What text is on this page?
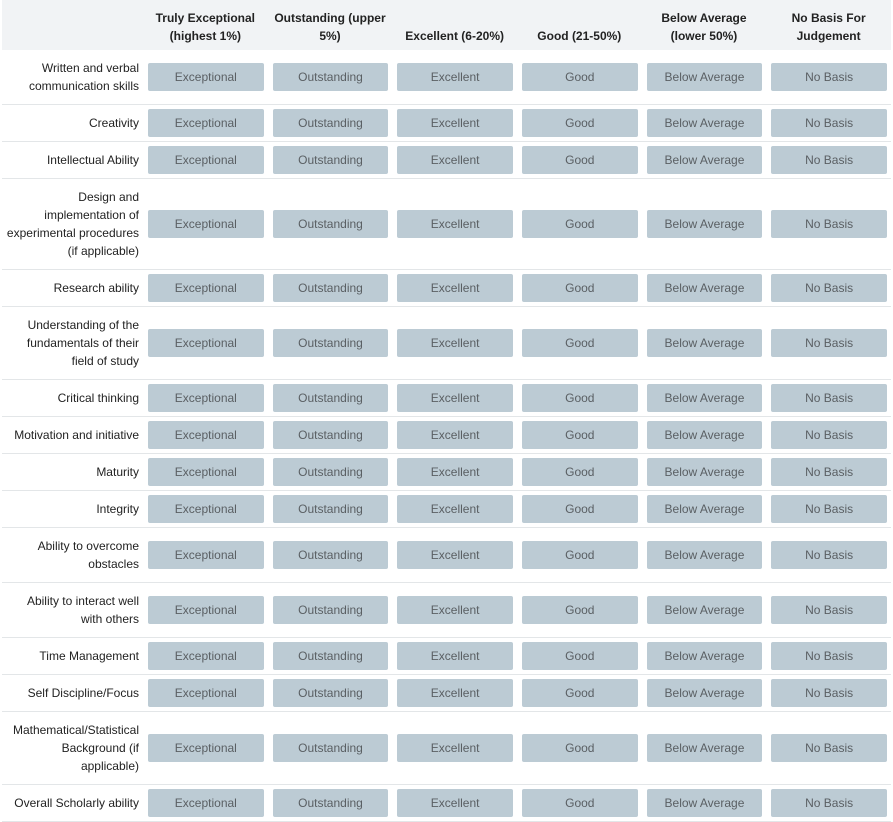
	Truly Exceptional (highest 1%)	Outstanding (upper 5%)	Excellent (6-20%)	Good (21-50%)	Below Average (lower 50%)	No Basis For Judgement
Written and verbal communication skills	Exceptional	Outstanding	Excellent	Good	Below Average	No Basis

Creativity	Exceptional	Outstanding	Excellent	Good	Below Average	No Basis

Intellectual Ability	Exceptional	Outstanding	Excellent	Good	Below Average	No Basis

Design and implementation of experimental procedures (if applicable)	Exceptional	Outstanding	Excellent	Good	Below Average	No Basis

Research ability	Exceptional	Outstanding	Excellent	Good	Below Average	No Basis

Understanding of the fundamentals of their field of study	Exceptional	Outstanding	Excellent	Good	Below Average	No Basis

Critical thinking	Exceptional	Outstanding	Excellent	Good	Below Average	No Basis

Motivation and initiative	Exceptional	Outstanding	Excellent	Good	Below Average	No Basis

Maturity	Exceptional	Outstanding	Excellent	Good	Below Average	No Basis

Integrity	Exceptional	Outstanding	Excellent	Good	Below Average	No Basis

Ability to overcome obstacles	Exceptional	Outstanding	Excellent	Good	Below Average	No Basis

Ability to interact well with others	Exceptional	Outstanding	Excellent	Good	Below Average	No Basis

Time Management	Exceptional	Outstanding	Excellent	Good	Below Average	No Basis

Self Discipline/Focus	Exceptional	Outstanding	Excellent	Good	Below Average	No Basis

Mathematical/Statistical Background (if applicable)	Exceptional	Outstanding	Excellent	Good	Below Average	No Basis

Overall Scholarly ability	Exceptional	Outstanding	Excellent	Good	Below Average	No Basis
